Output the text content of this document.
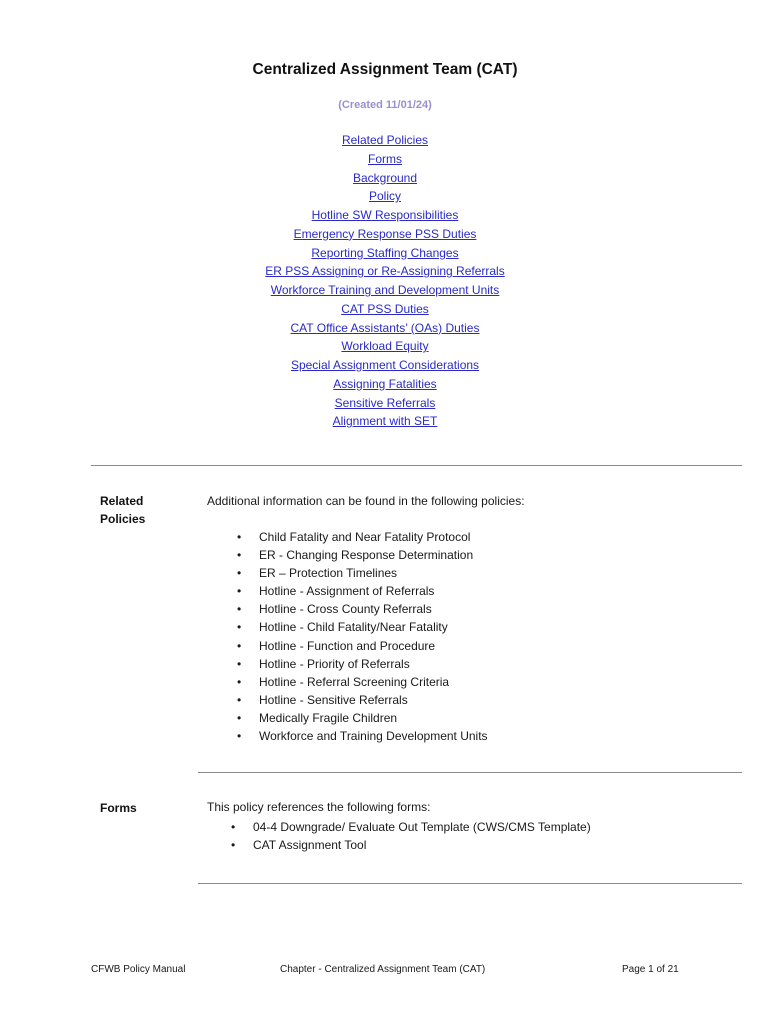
Centralized Assignment Team (CAT)
(Created 11/01/24)
Related Policies
Forms
Background
Policy
Hotline SW Responsibilities
Emergency Response PSS Duties
Reporting Staffing Changes
ER PSS Assigning or Re-Assigning Referrals
Workforce Training and Development Units
CAT PSS Duties
CAT Office Assistants’ (OAs) Duties
Workload Equity
Special Assignment Considerations
Assigning Fatalities
Sensitive Referrals
Alignment with SET
Related Policies
Additional information can be found in the following policies:
• Child Fatality and Near Fatality Protocol
• ER - Changing Response Determination
• ER – Protection Timelines
• Hotline - Assignment of Referrals
• Hotline - Cross County Referrals
• Hotline - Child Fatality/Near Fatality
• Hotline - Function and Procedure
• Hotline - Priority of Referrals
• Hotline - Referral Screening Criteria
• Hotline - Sensitive Referrals
• Medically Fragile Children
• Workforce and Training Development Units
Forms	This policy references the following forms:
• 04-4 Downgrade/ Evaluate Out Template (CWS/CMS Template)
• CAT Assignment Tool
CFWB Policy Manual	Chapter - Centralized Assignment Team (CAT)	Page 1 of 21
